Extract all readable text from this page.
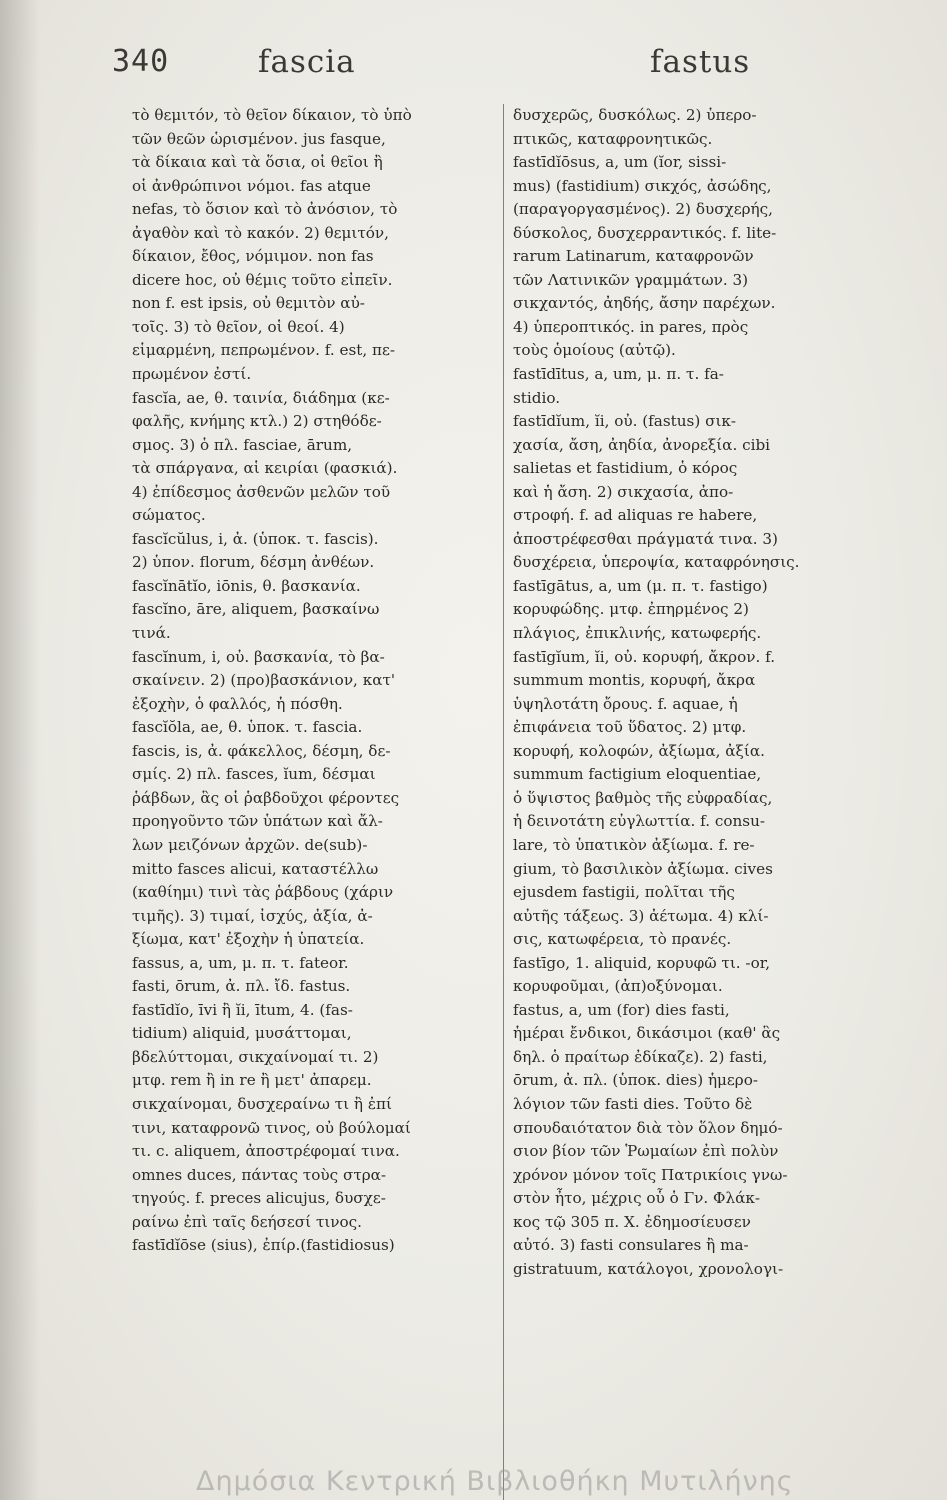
340	fascia	fastus
τὸ θεμιτόν, τὸ θεῖον δίκαιον, τὸ ὑπὸ
τῶν θεῶν ὡρισμένον. jus fasque,
τὰ δίκαια καὶ τὰ ὅσια, οἱ θεῖοι ἢ
οἱ ἀνθρώπινοι νόμοι. fas atque
nefas, τὸ ὅσιον καὶ τὸ ἀνόσιον, τὸ
ἀγαθὸν καὶ τὸ κακόν. 2) θεμιτόν,
δίκαιον, ἔθος, νόμιμον. non fas
dicere hoc, οὐ θέμις τοῦτο εἰπεῖν.
non f. est ipsis, οὐ θεμιτὸν αὐ-
τοῖς. 3) τὸ θεῖον, οἱ θεοί. 4)
εἱμαρμένη, πεπρωμένον. f. est, πε-
πρωμένον ἐστί.
fascĭa, ae, θ. ταινία, διάδημα (κε-
φαλῆς, κνήμης κτλ.) 2) στηθόδε-
σμος. 3) ὁ πλ. fasciae, ārum,
τὰ σπάργανα, αἱ κειρίαι (φασκιά).
4) ἐπίδεσμος ἀσθενῶν μελῶν τοῦ
σώματος.
fascĭcŭlus, i, ἀ. (ὑποκ. τ. fascis).
2) ὑπον. florum, δέσμη ἀνθέων.
fascĭnātĭo, iōnis, θ. βασκανία.
fascĭno, āre, aliquem, βασκαίνω
τινά.
fascĭnum, i, οὐ. βασκανία, τὸ βα-
σκαίνειν. 2) (προ)βασκάνιον, κατ'
ἐξοχὴν, ὁ φαλλός, ἡ πόσθη.
fascĭŏla, ae, θ. ὑποκ. τ. fascia.
fascis, is, ἀ. φάκελλος, δέσμη, δε-
σμίς. 2) πλ. fasces, ĭum, δέσμαι
ῥάβδων, ἃς οἱ ῥαβδοῦχοι φέροντες
προηγοῦντο τῶν ὑπάτων καὶ ἄλ-
λων μειζόνων ἀρχῶν. de(sub)-
mitto fasces alicui, καταστέλλω
(καθίημι) τινὶ τὰς ῥάβδους (χάριν
τιμῆς). 3) τιμαί, ἰσχύς, ἀξία, ἀ-
ξίωμα, κατ' ἐξοχὴν ἡ ὑπατεία.
fassus, a, um, μ. π. τ. fateor.
fasti, ōrum, ἀ. πλ. ἴδ. fastus.
fastīdĭo, īvi ἢ ĭi, ītum, 4. (fas-
tidium) aliquid, μυσάττομαι,
βδελύττομαι, σικχαίνομαί τι. 2)
μτφ. rem ἢ in re ἢ μετ' ἀπαρεμ.
σικχαίνομαι, δυσχεραίνω τι ἢ ἐπί
τινι, καταφρονῶ τινος, οὐ βούλομαί
τι. c. aliquem, ἀποστρέφομαί τινα.
omnes duces, πάντας τοὺς στρα-
τηγούς. f. preces alicujus, δυσχε-
ραίνω ἐπὶ ταῖς δεήσεσί τινος.
fastīdĭōse (sius), ἐπίρ.(fastidiosus)
δυσχερῶς, δυσκόλως. 2) ὑπερο-
πτικῶς, καταφρονητικῶς.
fastīdĭōsus, a, um (ĭor, sissi-
mus) (fastidium) σικχός, ἀσώδης,
(παραγοργασμένος). 2) δυσχερής,
δύσκολος, δυσχερραντικός. f. lite-
rarum Latinarum, καταφρονῶν
τῶν Λατινικῶν γραμμάτων. 3)
σικχαντός, ἀηδής, ἄσην παρέχων.
4) ὑπεροπτικός. in pares, πρὸς
τοὺς ὁμοίους (αὐτῷ).
fastīdītus, a, um, μ. π. τ. fa-
stidio.
fastīdĭum, ĭi, οὐ. (fastus) σικ-
χασία, ἄση, ἀηδία, ἀνορεξία. cibi
salietas et fastidium, ὁ κόρος
καὶ ἡ ἄση. 2) σικχασία, ἀπο-
στροφή. f. ad aliquas re habere,
ἀποστρέφεσθαι πράγματά τινα. 3)
δυσχέρεια, ὑπεροψία, καταφρόνησις.
fastīgātus, a, um (μ. π. τ. fastigo)
κορυφώδης. μτφ. ἐπηρμένος 2)
πλάγιος, ἐπικλινής, κατωφερής.
fastīgĭum, ĭi, οὐ. κορυφή, ἄκρον. f.
summum montis, κορυφή, ἄκρα
ὑψηλοτάτη ὄρους. f. aquae, ἡ
ἐπιφάνεια τοῦ ὕδατος. 2) μτφ.
κορυφή, κολοφών, ἀξίωμα, ἀξία.
summum factigium eloquentiae,
ὁ ὕψιστος βαθμὸς τῆς εὐφραδίας,
ἡ δεινοτάτη εὐγλωττία. f. consu-
lare, τὸ ὑπατικὸν ἀξίωμα. f. re-
gium, τὸ βασιλικὸν ἀξίωμα. cives
ejusdem fastigii, πολῖται τῆς
αὐτῆς τάξεως. 3) ἀέτωμα. 4) κλί-
σις, κατωφέρεια, τὸ πρανές.
fastīgo, 1. aliquid, κορυφῶ τι. -or,
κορυφοῦμαι, (ἀπ)οξύνομαι.
fastus, a, um (for) dies fasti,
ἡμέραι ἔνδικοι, δικάσιμοι (καθ' ἃς
δηλ. ὁ πραίτωρ ἐδίκαζε). 2) fasti,
ōrum, ἀ. πλ. (ὑποκ. dies) ἡμερο-
λόγιον τῶν fasti dies. Τοῦτο δὲ
σπουδαιότατον διὰ τὸν ὅλον δημό-
σιον βίον τῶν Ῥωμαίων ἐπὶ πολὺν
χρόνον μόνον τοῖς Πατρικίοις γνω-
στὸν ἦτο, μέχρις οὗ ὁ Γν. Φλάκ-
κος τῷ 305 π. Χ. ἐδημοσίευσεν
αὐτό. 3) fasti consulares ἢ ma-
gistratuum, κατάλογοι, χρονολογι-
Δημόσια Κεντρική Βιβλιοθήκη Μυτιλήνης
